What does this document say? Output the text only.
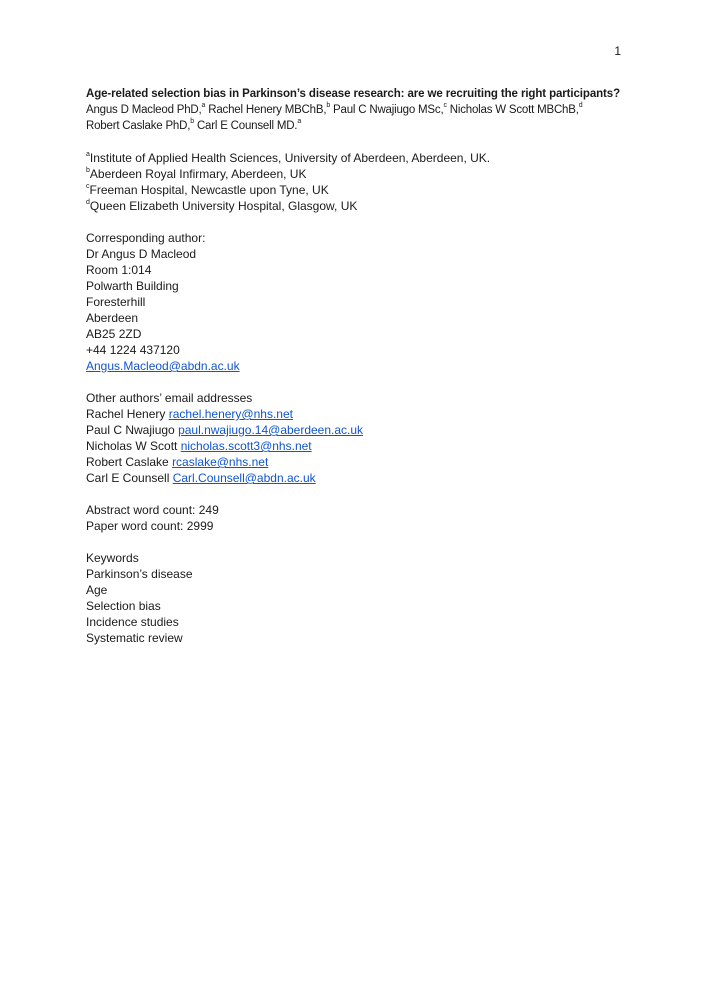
1
Age-related selection bias in Parkinson’s disease research: are we recruiting the right participants?
Angus D Macleod PhD,$^a$ Rachel Henery MBChB,$^b$ Paul C Nwajiugo MSc,$^c$ Nicholas W Scott MBChB,$^d$
Robert Caslake PhD,$^b$ Carl E Counsell MD.$^a$
$^a$Institute of Applied Health Sciences, University of Aberdeen, Aberdeen, UK.
$^b$Aberdeen Royal Infirmary, Aberdeen, UK
$^c$Freeman Hospital, Newcastle upon Tyne, UK
$^d$Queen Elizabeth University Hospital, Glasgow, UK
Corresponding author:
Dr Angus D Macleod
Room 1:014
Polwarth Building
Foresterhill
Aberdeen
AB25 2ZD
+44 1224 437120
Angus.Macleod@abdn.ac.uk
Other authors’ email addresses
Rachel Henery rachel.henery@nhs.net
Paul C Nwajiugo paul.nwajiugo.14@aberdeen.ac.uk
Nicholas W Scott nicholas.scott3@nhs.net
Robert Caslake rcaslake@nhs.net
Carl E Counsell Carl.Counsell@abdn.ac.uk
Abstract word count: 249
Paper word count: 2999
Keywords
Parkinson’s disease
Age
Selection bias
Incidence studies
Systematic review
